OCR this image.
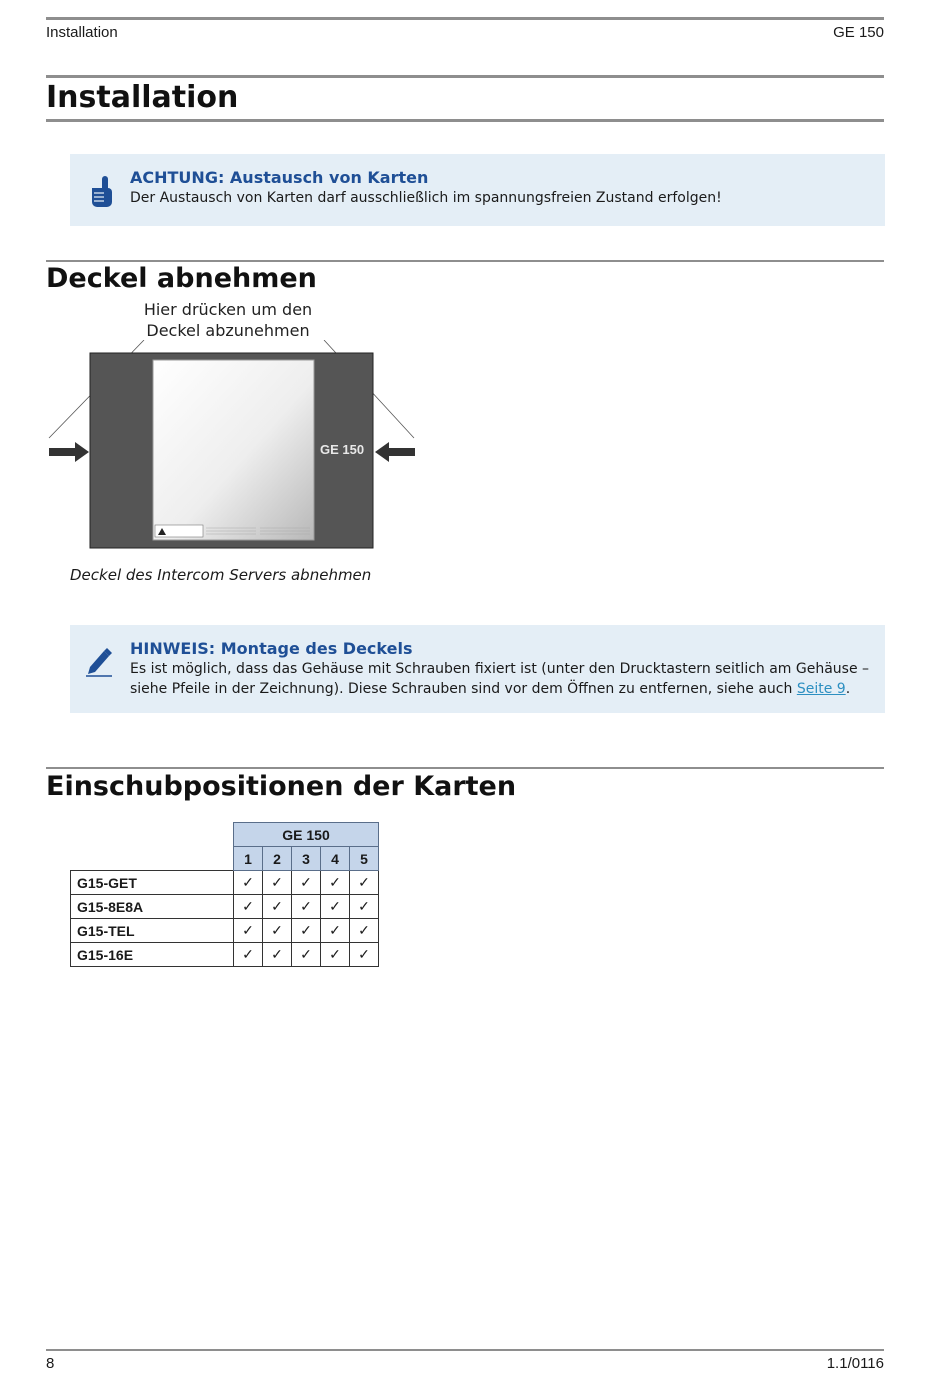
Installation	GE 150
Installation
ACHTUNG: Austausch von Karten
Der Austausch von Karten darf ausschließlich im spannungsfreien Zustand erfolgen!
Deckel abnehmen
Hier drücken um den
Deckel abzunehmen
GE 150
Deckel des Intercom Servers abnehmen
HINWEIS: Montage des Deckels
Es ist möglich, dass das Gehäuse mit Schrauben fixiert ist (unter den Drucktastern seitlich am Gehäuse –
siehe Pfeile in der Zeichnung). Diese Schrauben sind vor dem Öffnen zu entfernen, siehe auch Seite 9.
Einschubpositionen der Karten
	GE 150				
	1	2	3	4	5
G15-GET	✓	✓	✓	✓	✓
G15-8E8A	✓	✓	✓	✓	✓
G15-TEL	✓	✓	✓	✓	✓
G15-16E	✓	✓	✓	✓	✓
8	1.1/0116
